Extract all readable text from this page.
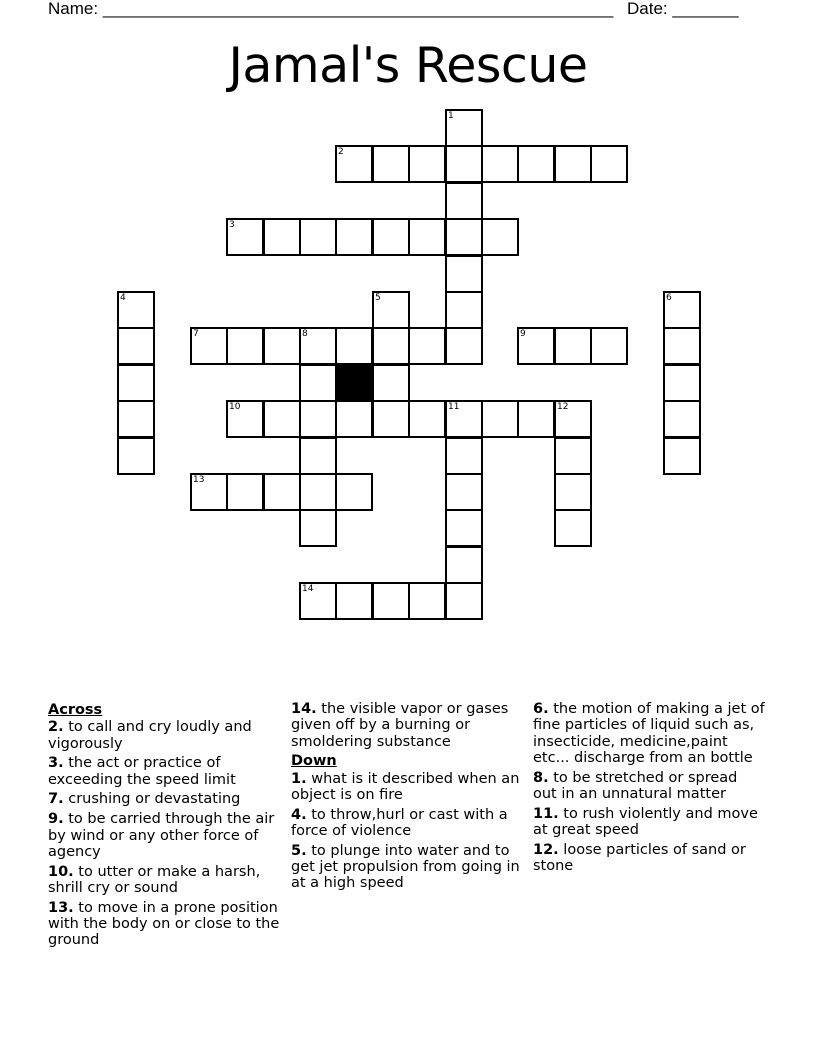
Name: ______________________________________________________ Date: _______
Jamal's Rescue
1
2
3
4	5	6
7	8	9
10	11	12
13
14
Across
2. to call and cry loudly and vigorously
3. the act or practice of exceeding the speed limit
7. crushing or devastating
9. to be carried through the air by wind or any other force of agency
10. to utter or make a harsh, shrill cry or sound
13. to move in a prone position with the body on or close to the ground
14. the visible vapor or gases given off by a burning or smoldering substance
Down
1. what is it described when an object is on fire
4. to throw,hurl or cast with a force of violence
5. to plunge into water and to get jet propulsion from going in at a high speed
6. the motion of making a jet of fine particles of liquid such as, insecticide, medicine,paint etc... discharge from an bottle
8. to be stretched or spread out in an unnatural matter
11. to rush violently and move at great speed
12. loose particles of sand or stone
